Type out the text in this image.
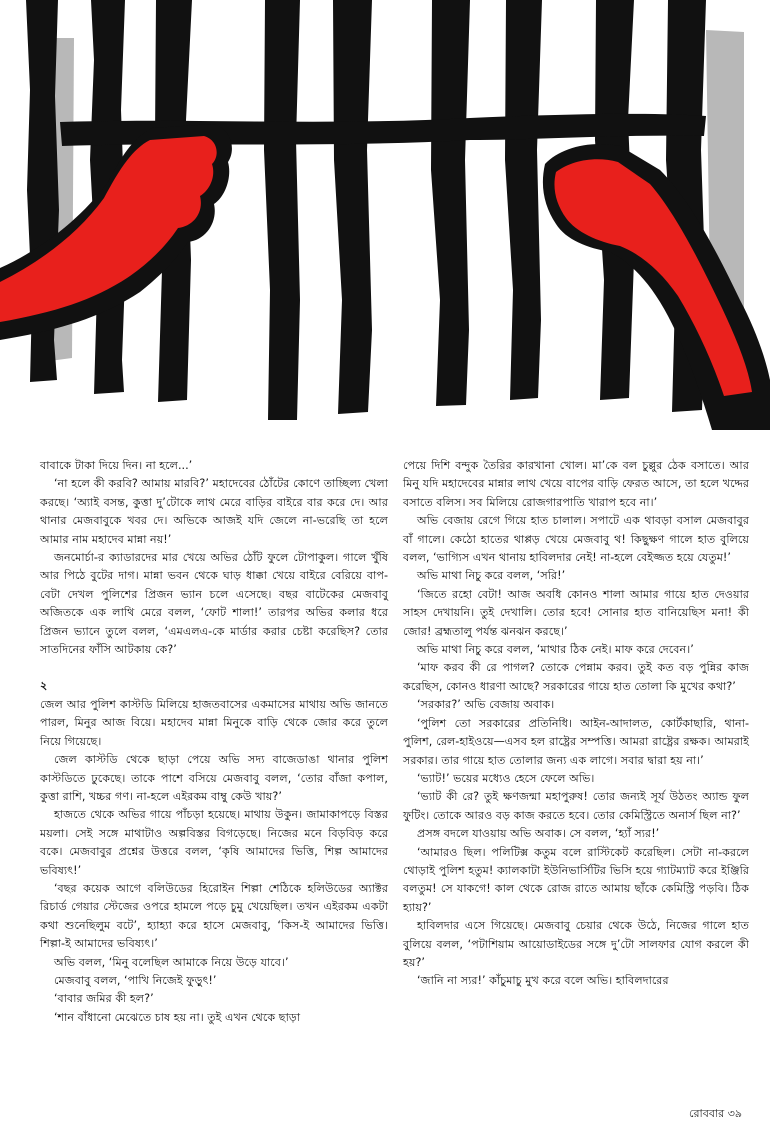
বাবাকে টাকা দিয়ে দিন। না হলে...’

‘না হলে কী করবি? আমায় মারবি?’ মহাদেবের ঠোঁটের কোণে তাচ্ছিল্য খেলা করছে। ‘অ্যাই বসন্ত, কুত্তা দু’টোকে লাথ মেরে বাড়ির বাইরে বার করে দে। আর থানার মেজবাবুকে খবর দে। অভিকে আজই যদি জেলে না-ভরেছি তা হলে আমার নাম মহাদেব মান্না নয়!’

জনমোর্চা-র ক্যাডারদের মার খেয়ে অভির ঠোঁট ফুলে টোপাকুল। গালে খুঁষি আর পিঠে বুটের দাগ। মান্না ভবন থেকে ঘাড় ধাক্কা খেয়ে বাইরে বেরিয়ে বাপ-বেটা দেখল পুলিশের প্রিজন ভ্যান চলে এসেছে। বছর বাটেকের মেজবাবু অজিতকে এক লাথি মেরে বলল, ‘ফোট শালা!’ তারপর অভির কলার ধরে প্রিজন ভ্যানে তুলে বলল, ‘এমএলএ-কে মার্ডার করার চেষ্টা করেছিস? তোর সাতদিনের ফাঁসি আটকায় কে?’

২

জেল আর পুলিশ কাস্টডি মিলিয়ে হাজতবাসের একমাসের মাথায় অভি জানতে পারল, মিনুর আজ বিয়ে। মহাদেব মান্না মিনুকে বাড়ি থেকে জোর করে তুলে নিয়ে গিয়েছে।

জেল কাস্টডি থেকে ছাড়া পেয়ে অভি সদ্য বাজেডাঙা থানার পুলিশ কাস্টডিতে ঢুকেছে। তাকে পাশে বসিয়ে মেজবাবু বলল, ‘তোর বাঁজা কপাল, কুত্তা রাশি, খচ্চর গণ। না-হলে এইরকম বাম্বু কেউ খায়?’

হাজতে থেকে অভির গায়ে পাঁচড়া হয়েছে। মাথায় উকুন। জামাকাপড়ে বিস্তর ময়লা। সেই সঙ্গে মাথাটাও অল্পবিস্তর বিগড়েছে। নিজের মনে বিড়বিড় করে বকে। মেজবাবুর প্রশ্নের উত্তরে বলল, ‘কৃষি আমাদের ভিত্তি, শিল্প আমাদের ভবিষ্যৎ!’

‘বছর কয়েক আগে বলিউডের হিরোইন শিল্পা শেঠিকে হলিউডের অ্যাক্টর রিচার্ড গেয়ার স্টেজের ওপরে হামলে পড়ে চুমু খেয়েছিল। তখন এইরকম একটা কথা শুনেছিলুম বটে’, হ্যাহ্যা করে হাসে মেজবাবু, ‘কিস-ই আমাদের ভিত্তি। শিল্পা-ই আমাদের ভবিষ্যৎ।’

অভি বলল, ‘মিনু বলেছিল আমাকে নিয়ে উড়ে যাবে।’

মেজবাবু বলল, ‘পাখি নিজেই ফুড়ুৎ!’

‘বাবার জমির কী হল?’

‘শান বাঁধানো মেঝেতে চাষ হয় না। তুই এখন থেকে ছাড়া

পেয়ে দিশি বন্দুক তৈরির কারখানা খোল। মা’কে বল চুল্লুর ঠেক বসাতে। আর মিনু যদি মহাদেবের মান্নার লাথ খেয়ে বাপের বাড়ি ফেরত আসে, তা হলে খদ্দের বসাতে বলিস। সব মিলিয়ে রোজগারপাতি খারাপ হবে না।’

অভি বেজায় রেগে গিয়ে হাত চালাল। সপাটে এক থাবড়া বসাল মেজবাবুর বাঁ গালে। কেঠো হাতের থাপ্পড় খেয়ে মেজবাবু থ! কিছুক্ষণ গালে হাত বুলিয়ে বলল, ‘ভাগ্যিস এখন থানায় হাবিলদার নেই! না-হলে বেইজ্জত হয়ে যেতুম!’

অভি মাথা নিচু করে বলল, ‘সরি!’

‘জিতে রহো বেটা! আজ অবধি কোনও শালা আমার গায়ে হাত দেওয়ার সাহস দেখায়নি। তুই দেখালি। তোর হবে! সোনার হাত বানিয়েছিস মনা! কী জোর! ব্রহ্মতালু পর্যন্ত ঝনঝন করছে।’

অভি মাথা নিচু করে বলল, ‘মাথার ঠিক নেই। মাফ করে দেবেন।’

‘মাফ করব কী রে পাগল? তোকে পেন্নাম করব। তুই কত বড় পুন্নির কাজ করেছিস, কোনও ধারণা আছে? সরকারের গায়ে হাত তোলা কি মুখের কথা?’

‘সরকার?’ অভি বেজায় অবাক।

‘পুলিশ তো সরকারের প্রতিনিধি। আইন-আদালত, কোর্টকাছারি, থানা-পুলিশ, রেল-হাইওয়ে—এসব হল রাষ্ট্রের সম্পত্তি। আমরা রাষ্ট্রের রক্ষক। আমরাই সরকার। তার গায়ে হাত তোলার জন্য এক লাগে। সবার দ্বারা হয় না।’

‘ভ্যাট!’ ভয়ের মধ্যেও হেসে ফেলে অভি।

‘ভ্যাট কী রে? তুই ক্ষণজন্মা মহাপুরুষ! তোর জন্যই সূর্য উঠতং অ্যান্ড ফুল ফুটিং। তোকে আরও বড় কাজ করতে হবে। তোর কেমিস্ট্রিতে অনার্স ছিল না?’

প্রসঙ্গ বদলে যাওয়ায় অভি অবাক। সে বলল, ‘হ্যাঁ স্যর!’

‘আমারও ছিল। পলিটিক্স কতুম বলে রাস্টিকেট করেছিল। সেটা না-করলে থোড়াই পুলিশ হতুম! ক্যালকাটা ইউনিভার্সিটির ভিসি হয়ে গ্যাটম্যাট করে ইঞ্জিরি বলতুম! সে যাকগে! কাল থেকে রোজ রাতে আমায় ছাঁকে কেমিস্ট্রি পড়বি। ঠিক হ্যায়?’

হাবিলদার এসে গিয়েছে। মেজবাবু চেয়ার থেকে উঠে, নিজের গালে হাত বুলিয়ে বলল, ‘পটাশিয়াম আয়োডাইডের সঙ্গে দু’টো সালফার যোগ করলে কী হয়?’

‘জানি না স্যর!’ কাঁচুমাচু মুখ করে বলে অভি। হাবিলদারের

রোববার ৩৯
